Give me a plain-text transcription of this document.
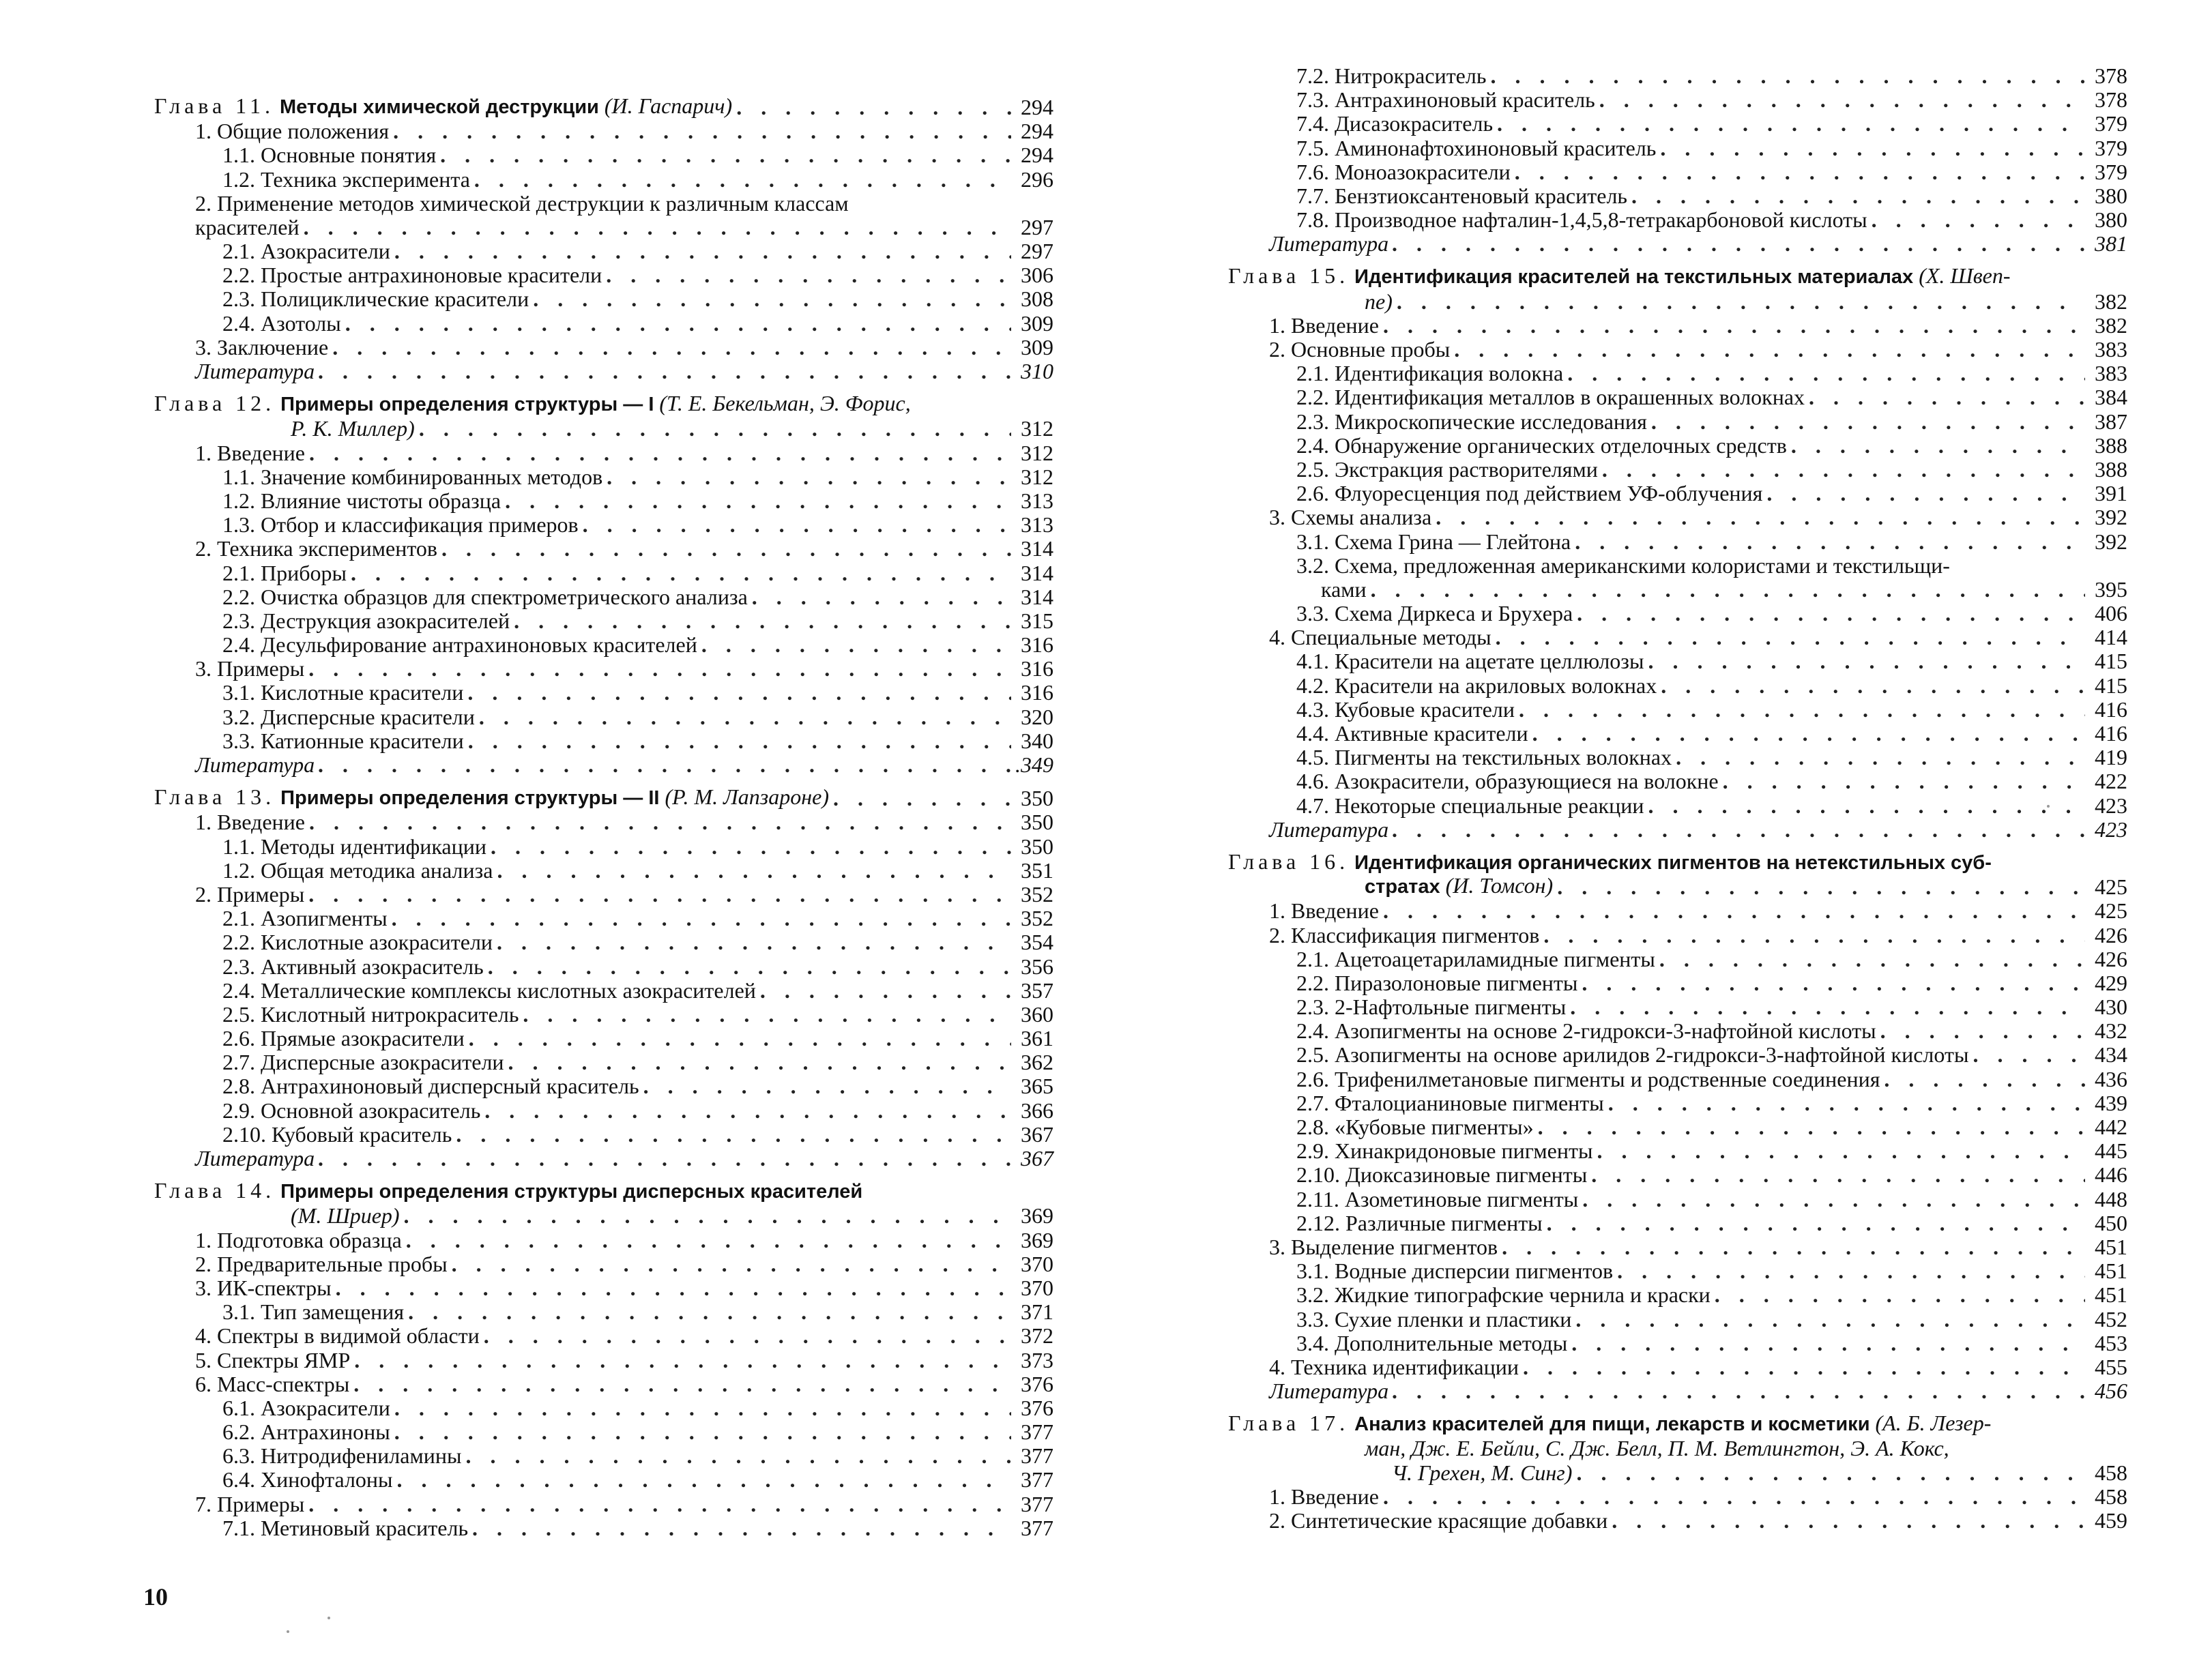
Глава 11. Методы химической деструкции (И. Гаспарич) . . .	294
1. Общие положения . . .	294
1.1. Основные понятия . . .	294
1.2. Техника эксперимента . . .	296
2. Применение методов химической деструкции к различным классам
красителей . . .	297
2.1. Азокрасители . . .	297
2.2. Простые антрахиноновые красители . . .	306
2.3. Полициклические красители . . .	308
2.4. Азотолы . . .	309
3. Заключение . . .	309
Литература . . .	310
Глава 12. Примеры определения структуры — I (Т. Е. Бекельман, Э. Форис,
Р. К. Миллер) . . .	312
1. Введение . . .	312
1.1. Значение комбинированных методов . . .	312
1.2. Влияние чистоты образца . . .	313
1.3. Отбор и классификация примеров . . .	313
2. Техника экспериментов . . .	314
2.1. Приборы . . .	314
2.2. Очистка образцов для спектрометрического анализа . . .	314
2.3. Деструкция азокрасителей . . .	315
2.4. Десульфирование антрахиноновых красителей . . .	316
3. Примеры . . .	316
3.1. Кислотные красители . . .	316
3.2. Дисперсные красители . . .	320
3.3. Катионные красители . . .	340
Литература . . .	.349
Глава 13. Примеры определения структуры — II (Р. М. Лanзароне) . . .	350
1. Введение . . .	350
1.1. Методы идентификации . . .	350
1.2. Общая методика анализа . . .	351
2. Примеры . . .	352
2.1. Азопигменты . . .	352
2.2. Кислотные азокрасители . . .	354
2.3. Активный азокраситель . . .	356
2.4. Металлические комплексы кислотных азокрасителей . . .	357
2.5. Кислотный нитрокраситель . . .	360
2.6. Прямые азокрасители . . .	361
2.7. Дисперсные азокрасители . . .	362
2.8. Антрахиноновый дисперсный краситель . . .	365
2.9. Основной азокраситель . . .	366
2.10. Кубовый краситель . . .	367
Литература . . .	367
Глава 14. Примеры определения структуры дисперсных красителей
(М. Шриер) . . .	369
1. Подготовка образца . . .	369
2. Предварительные пробы . . .	370
3. ИК-спектры . . .	370
3.1. Тип замещения . . .	371
4. Спектры в видимой области . . .	372
5. Спектры ЯМР . . .	373
6. Масс-спектры . . .	376
6.1. Азокрасители . . .	376
6.2. Антрахиноны . . .	377
6.3. Нитродифениламины . . .	377
6.4. Хинофталоны . . .	377
7. Примеры . . .	377
7.1. Метиновый краситель . . .	377
10
7.2. Нитрокраситель . . .	378
7.3. Антрахиноновый краситель . . .	378
7.4. Дисазокраситель . . .	379
7.5. Аминонафтохиноновый краситель . . .	379
7.6. Моноазокрасители . . .	379
7.7. Бензтиоксантеновый краситель . . .	380
7.8. Производное нафталин-1,4,5,8-тетракарбоновой кислоты . . .	380
Литература . . .	381
Глава 15. Идентификация красителей на текстильных материалах (Х. Швеп-
пе) . . .	382
1. Введение . . .	382
2. Основные пробы . . .	383
2.1. Идентификация волокна . . .	383
2.2. Идентификация металлов в окрашенных волокнах . . .	384
2.3. Микроскопические исследования . . .	387
2.4. Обнаружение органических отделочных средств . . .	388
2.5. Экстракция растворителями . . .	388
2.6. Флуоресценция под действием УФ-облучения . . .	391
3. Схемы анализа . . .	392
3.1. Схема Грина — Глейтона . . .	392
3.2. Схема, предложенная американскими колористами и текстильщи-
ками . . .	395
3.3. Схема Диркеса и Брухера . . .	406
4. Специальные методы . . .	414
4.1. Красители на ацетате целлюлозы . . .	415
4.2. Красители на акриловых волокнах . . .	415
4.3. Кубовые красители . . .	416
4.4. Активные красители . . .	416
4.5. Пигменты на текстильных волокнах . . .	419
4.6. Азокрасители, образующиеся на волокне . . .	422
4.7. Некоторые специальные реакции . . .	423
Литература . . .	423
Глава 16. Идентификация органических пигментов на нетекстильных суб-
стратах (И. Томсон) . . .	425
1. Введение . . .	425
2. Классификация пигментов . . .	426
2.1. Ацетоацетариламидные пигменты . . .	426
2.2. Пиразолоновые пигменты . . .	429
2.3. 2-Нафтольные пигменты . . .	430
2.4. Азопигменты на основе 2-гидрокси-3-нафтойной кислоты . . .	432
2.5. Азопигменты на основе арилидов 2-гидрокси-3-нафтойной кислоты . . .	434
2.6. Трифенилметановые пигменты и родственные соединения . . .	436
2.7. Фталоцианиновые пигменты . . .	439
2.8. «Кубовые пигменты» . . .	442
2.9. Хинакридоновые пигменты . . .	445
2.10. Диоксазиновые пигменты . . .	446
2.11. Азометиновые пигменты . . .	448
2.12. Различные пигменты . . .	450
3. Выделение пигментов . . .	451
3.1. Водные дисперсии пигментов . . .	451
3.2. Жидкие типографские чернила и краски . . .	451
3.3. Сухие пленки и пластики . . .	452
3.4. Дополнительные методы . . .	453
4. Техника идентификации . . .	455
Литература . . .	456
Глава 17. Анализ красителей для пищи, лекарств и косметики (А. Б. Лезер-
ман, Дж. Е. Бейли, С. Дж. Белл, П. М. Ветлингтон, Э. А. Кокс,
Ч. Грехен, М. Синг) . . .	458
1. Введение . . .	458
2. Синтетические красящие добавки . . .	459
